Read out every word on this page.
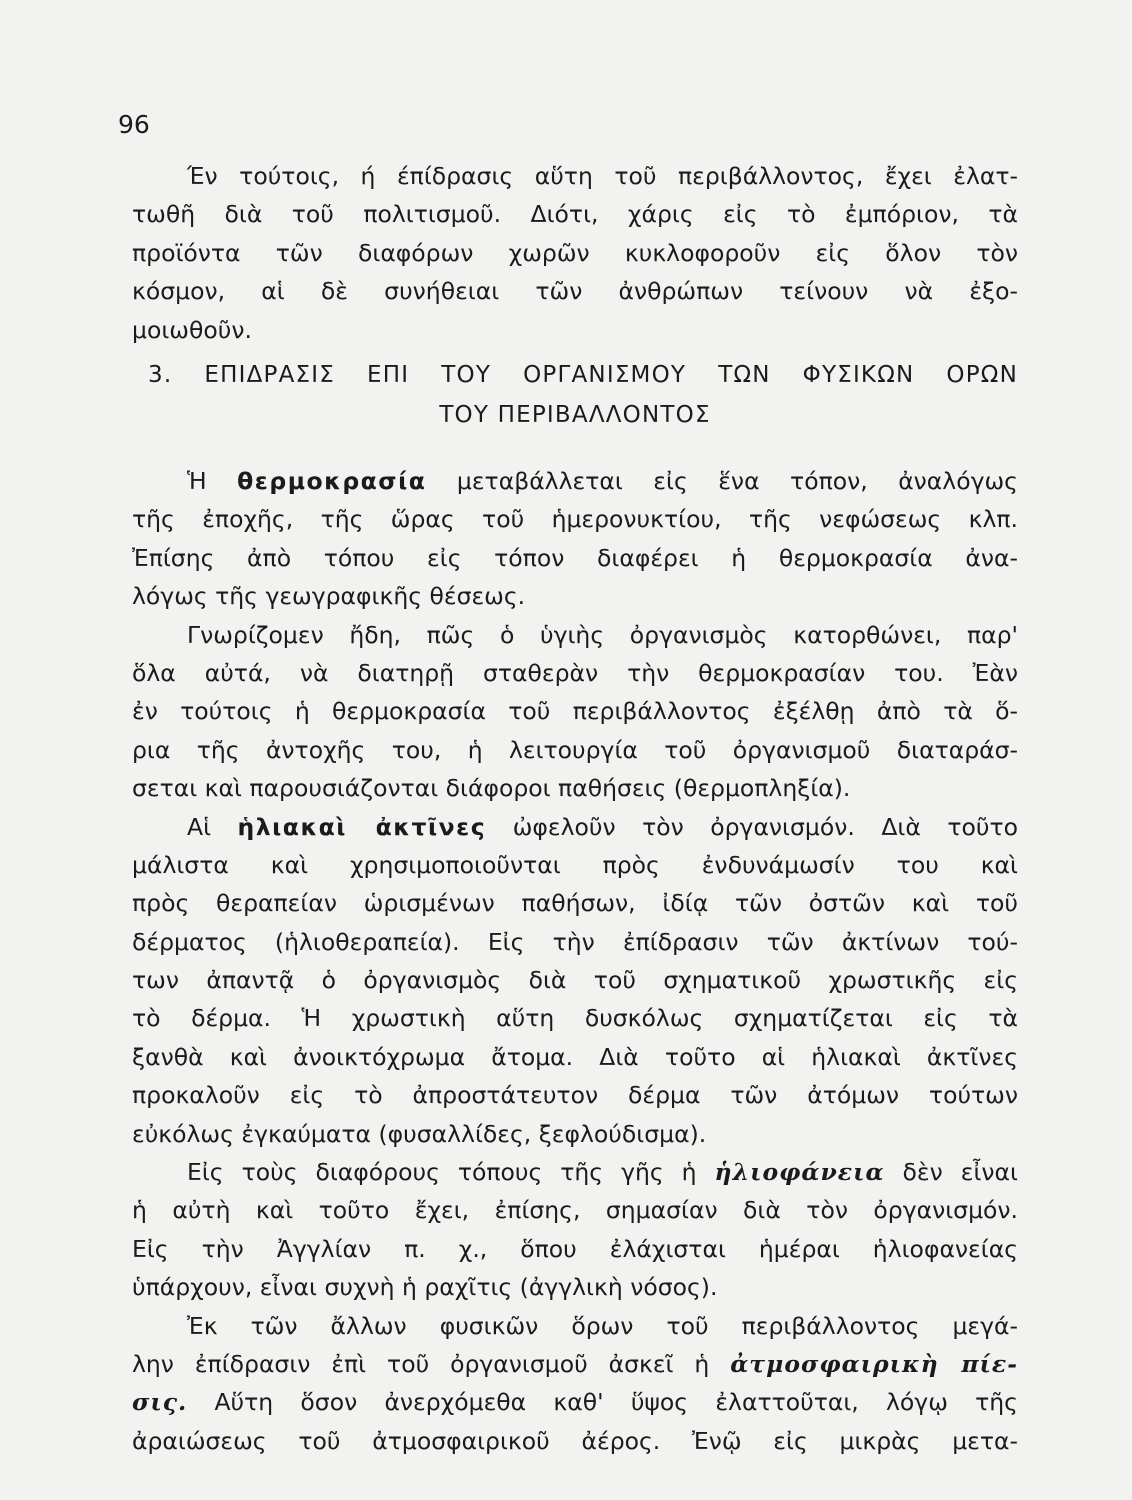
96
Έν τούτοις, ή έπίδρασις αὕτη τοῦ περιβάλλοντος, ἔχει ἐλατ-
τωθῆ διὰ τοῦ πολιτισμοῦ. Διότι, χάρις εἰς τὸ ἐμπόριον, τὰ
προϊόντα τῶν διαφόρων χωρῶν κυκλοφοροῦν εἰς ὅλον τὸν
κόσμον, αἱ δὲ συνήθειαι τῶν ἀνθρώπων τείνουν νὰ ἐξο-
μοιωθοῦν.
3. ΕΠΙΔΡΑΣΙΣ ΕΠΙ ΤΟΥ ΟΡΓΑΝΙΣΜΟΥ ΤΩΝ ΦΥΣΙΚΩΝ ΟΡΩΝ
ΤΟΥ ΠΕΡΙΒΑΛΛΟΝΤΟΣ
Ἡ θερμοκρασία μεταβάλλεται εἰς ἕνα τόπον, ἀναλόγως
τῆς ἐποχῆς, τῆς ὥρας τοῦ ἡμερονυκτίου, τῆς νεφώσεως κλπ.
Ἐπίσης ἀπὸ τόπου εἰς τόπον διαφέρει ἡ θερμοκρασία ἀνα-
λόγως τῆς γεωγραφικῆς θέσεως.
Γνωρίζομεν ἤδη, πῶς ὁ ὑγιὴς ὀργανισμὸς κατορθώνει, παρ'
ὅλα αὐτά, νὰ διατηρῇ σταθερὰν τὴν θερμοκρασίαν του. Ἐὰν
ἐν τούτοις ἡ θερμοκρασία τοῦ περιβάλλοντος ἐξέλθῃ ἀπὸ τὰ ὅ-
ρια τῆς ἀντοχῆς του, ἡ λειτουργία τοῦ ὀργανισμοῦ διαταράσ-
σεται καὶ παρουσιάζονται διάφοροι παθήσεις (θερμοπληξία).
Αἱ ἡλιακαὶ ἀκτῖνες ὠφελοῦν τὸν ὀργανισμόν. Διὰ τοῦτο
μάλιστα καὶ χρησιμοποιοῦνται πρὸς ἐνδυνάμωσίν του καὶ
πρὸς θεραπείαν ὡρισμένων παθήσων, ἰδίᾳ τῶν ὀστῶν καὶ τοῦ
δέρματος (ἡλιοθεραπεία). Εἰς τὴν ἐπίδρασιν τῶν ἀκτίνων τού-
των ἀπαντᾷ ὁ ὀργανισμὸς διὰ τοῦ σχηματικοῦ χρωστικῆς εἰς
τὸ δέρμα. Ἡ χρωστικὴ αὕτη δυσκόλως σχηματίζεται εἰς τὰ
ξανθὰ καὶ ἀνοικτόχρωμα ἄτομα. Διὰ τοῦτο αἱ ἡλιακαὶ ἀκτῖνες
προκαλοῦν εἰς τὸ ἀπροστάτευτον δέρμα τῶν ἀτόμων τούτων
εὐκόλως ἐγκαύματα (φυσαλλίδες, ξεφλούδισμα).
Εἰς τοὺς διαφόρους τόπους τῆς γῆς ἡ ἡλιοφάνεια δὲν εἶναι
ἡ αὐτὴ καὶ τοῦτο ἔχει, ἐπίσης, σημασίαν διὰ τὸν ὀργανισμόν.
Εἰς τὴν Ἀγγλίαν π. χ., ὅπου ἐλάχισται ἡμέραι ἡλιοφανείας
ὑπάρχουν, εἶναι συχνὴ ἡ ραχῖτις (ἀγγλικὴ νόσος).
Ἐκ τῶν ἄλλων φυσικῶν ὅρων τοῦ περιβάλλοντος μεγά-
λην ἐπίδρασιν ἐπὶ τοῦ ὀργανισμοῦ ἀσκεῖ ἡ ἀτμοσφαιρικὴ πίε-
σις. Αὕτη ὅσον ἀνερχόμεθα καθ' ὕψος ἐλαττοῦται, λόγῳ τῆς
ἀραιώσεως τοῦ ἀτμοσφαιρικοῦ ἀέρος. Ἐνῷ εἰς μικρὰς μετα-
